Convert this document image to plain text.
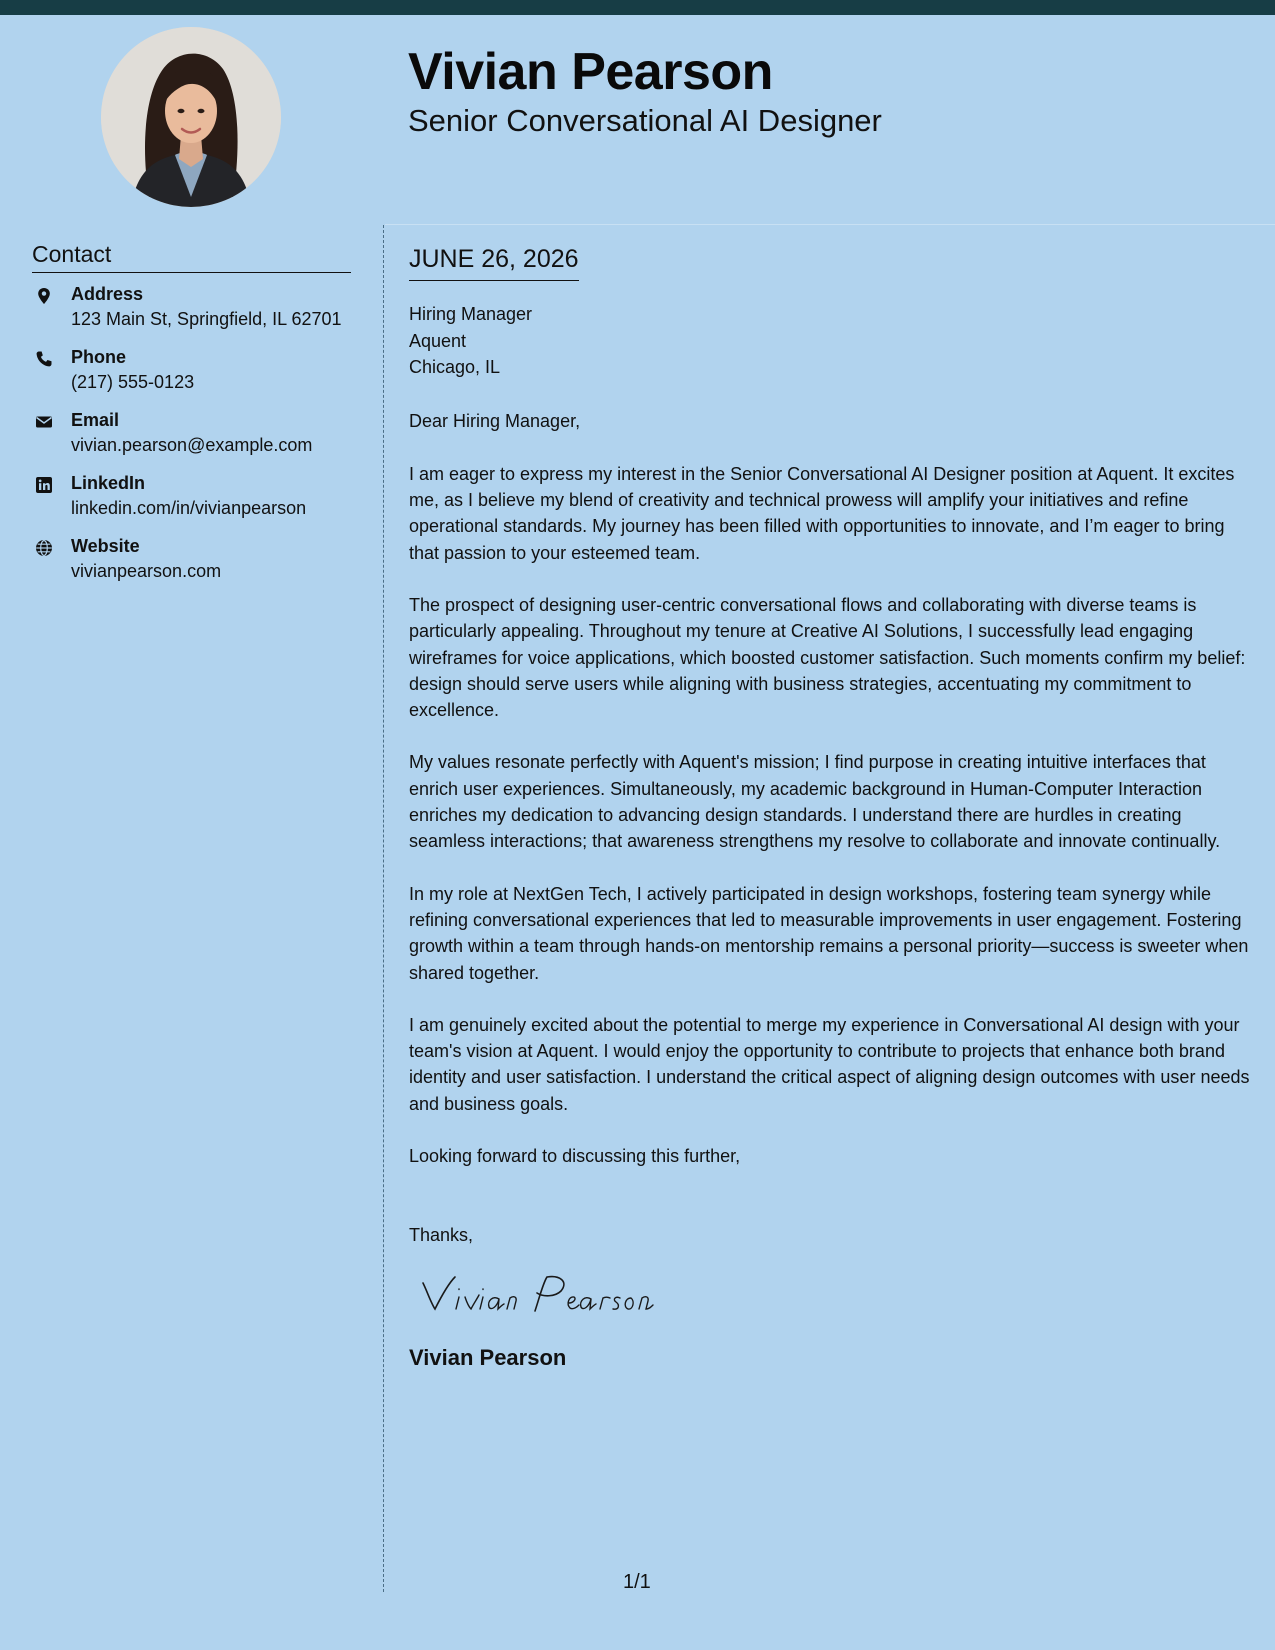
Vivian Pearson
Senior Conversational AI Designer
Contact
Address
123 Main St, Springfield, IL 62701
Phone
(217) 555-0123
Email
vivian.pearson@example.com
LinkedIn
linkedin.com/in/vivianpearson
Website
vivianpearson.com
JUNE 26, 2026
Hiring Manager
Aquent
Chicago, IL

Dear Hiring Manager,

I am eager to express my interest in the Senior Conversational AI Designer position at Aquent. It excites me, as I believe my blend of creativity and technical prowess will amplify your initiatives and refine operational standards. My journey has been filled with opportunities to innovate, and I’m eager to bring that passion to your esteemed team.

The prospect of designing user-centric conversational flows and collaborating with diverse teams is particularly appealing. Throughout my tenure at Creative AI Solutions, I successfully lead engaging wireframes for voice applications, which boosted customer satisfaction. Such moments confirm my belief: design should serve users while aligning with business strategies, accentuating my commitment to excellence.

My values resonate perfectly with Aquent's mission; I find purpose in creating intuitive interfaces that enrich user experiences. Simultaneously, my academic background in Human-Computer Interaction enriches my dedication to advancing design standards. I understand there are hurdles in creating seamless interactions; that awareness strengthens my resolve to collaborate and innovate continually.

In my role at NextGen Tech, I actively participated in design workshops, fostering team synergy while refining conversational experiences that led to measurable improvements in user engagement. Fostering growth within a team through hands-on mentorship remains a personal priority—success is sweeter when shared together.

I am genuinely excited about the potential to merge my experience in Conversational AI design with your team's vision at Aquent. I would enjoy the opportunity to contribute to projects that enhance both brand identity and user satisfaction. I understand the critical aspect of aligning design outcomes with user needs and business goals.

Looking forward to discussing this further,

Thanks,

Vivian Pearson
1/1
